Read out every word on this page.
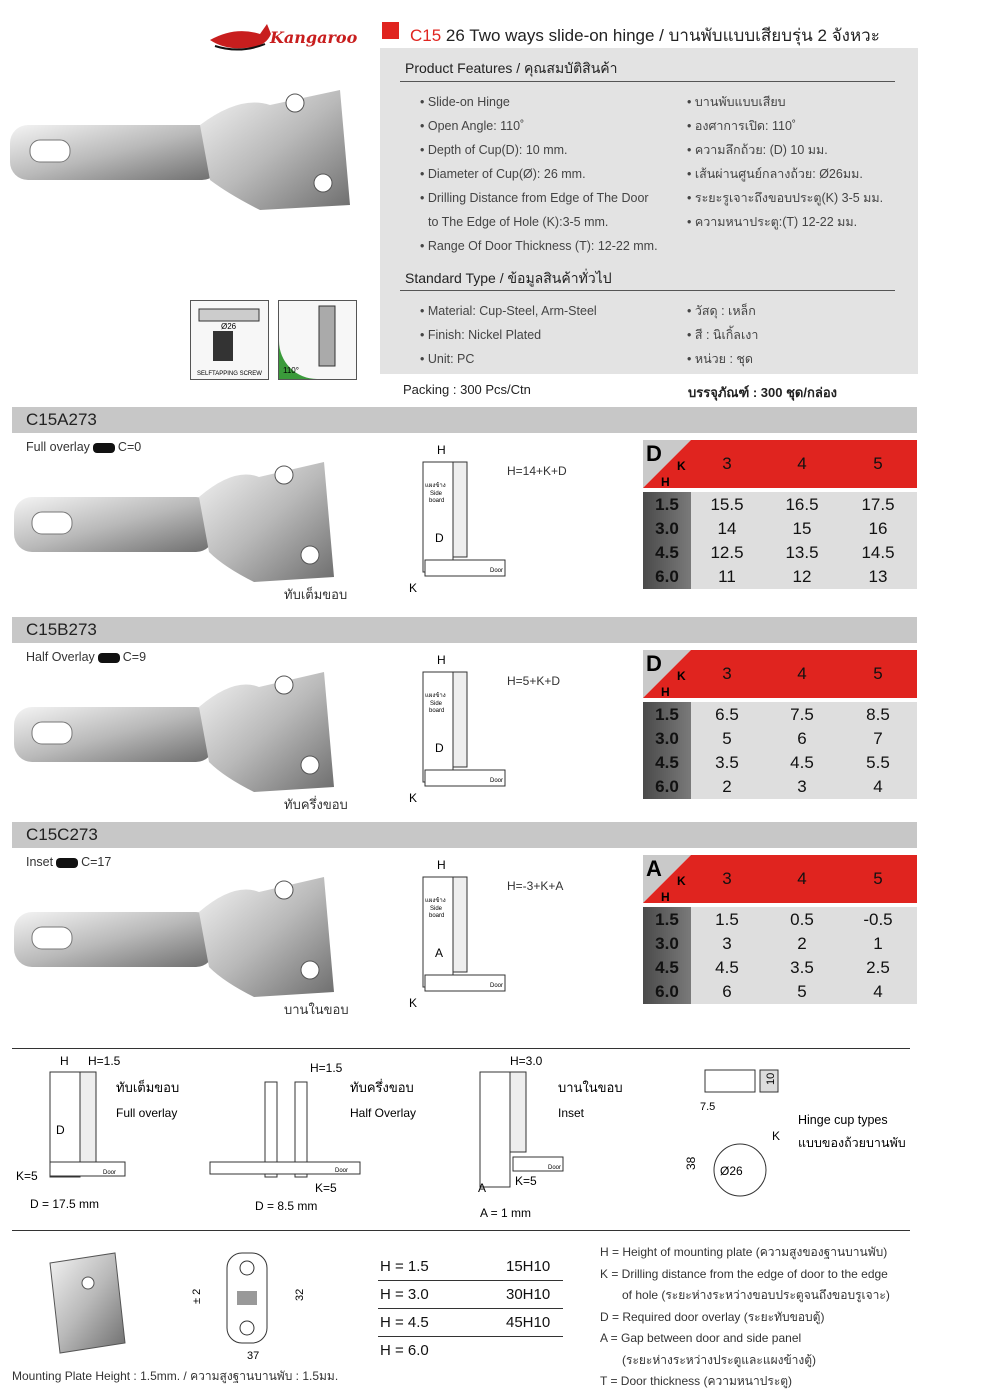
Kangaroo	C15 26 Two ways slide-on hinge / บานพับแบบเสียบรุ่น 2 จังหวะ
Ø26
SELFTAPPING SCREW	110°
Product Features / คุณสมบัติสินค้า
• Slide-on Hinge
• Open Angle: 110˚
• Depth of Cup(D): 10 mm.
• Diameter of Cup(Ø): 26 mm.
• Drilling Distance from Edge of The Door
to The Edge of Hole (K):3-5 mm.
• Range Of Door Thickness (T): 12-22 mm.
• บานพับแบบเสียบ
• องศาการเปิด: 110˚
• ความลึกถ้วย: (D) 10 มม.
• เส้นผ่านศูนย์กลางถ้วย: Ø26มม.
• ระยะรูเจาะถึงขอบประตู(K) 3-5 มม.
• ความหนาประตู:(T) 12-22 มม.
Standard Type / ข้อมูลสินค้าทั่วไป
• Material: Cup-Steel, Arm-Steel
• Finish: Nickel Plated
• Unit: PC
• วัสดุ : เหล็ก
• สี : นิเกิ้ลเงา
• หน่วย : ชุด
Packing : 300 Pcs/Ctn	บรรจุภัณฑ์ : 300 ชุด/กล่อง
C15A273
Full overlay C=0
ทับเต็มขอบ
H
แผงข้าง
Side
board
D
K
Door
H=14+K+D
D K
H
3	4	5
1.5	15.5	16.5	17.5
3.0	14	15	16
4.5	12.5	13.5	14.5
6.0	11	12	13
C15B273
Half Overlay C=9
ทับครึ่งขอบ
H
แผงข้าง
Side
board
D
K
Door
H=5+K+D
D K
H
3	4	5
1.5	6.5	7.5	8.5
3.0	5	6	7
4.5	3.5	4.5	5.5
6.0	2	3	4
C15C273
Inset C=17
บานในขอบ
H
แผงข้าง
Side
board
A
K
Door
H=-3+K+A
A K
H
3	4	5
1.5	1.5	0.5	-0.5
3.0	3	2	1
4.5	4.5	3.5	2.5
6.0	6	5	4
H H=1.5
ทับเต็มขอบ
Full overlay
D
K=5	Door
D = 17.5 mm
H=1.5
ทับครึ่งขอบ
Half Overlay
K=5
Door
D = 8.5 mm
H=3.0
บานในขอบ
Inset
A K=5
Door
A = 1 mm
10
7.5
Ø26
38
K
Hinge cup types
แบบของถ้วยบานพับ
± 2	32
37
Mounting Plate Height : 1.5mm. / ความสูงฐานบานพับ : 1.5มม.
H = 1.5	15H10
H = 3.0	30H10
H = 4.5	45H10
H = 6.0
H = Height of mounting plate (ความสูงของฐานบานพับ)
K = Drilling distance from the edge of door to the edge
of hole (ระยะห่างระหว่างขอบประตูจนถึงขอบรูเจาะ)
D = Required door overlay (ระยะทับขอบตู้)
A = Gap between door and side panel
(ระยะห่างระหว่างประตูและแผงข้างตู้)
T = Door thickness (ความหนาประตู)
